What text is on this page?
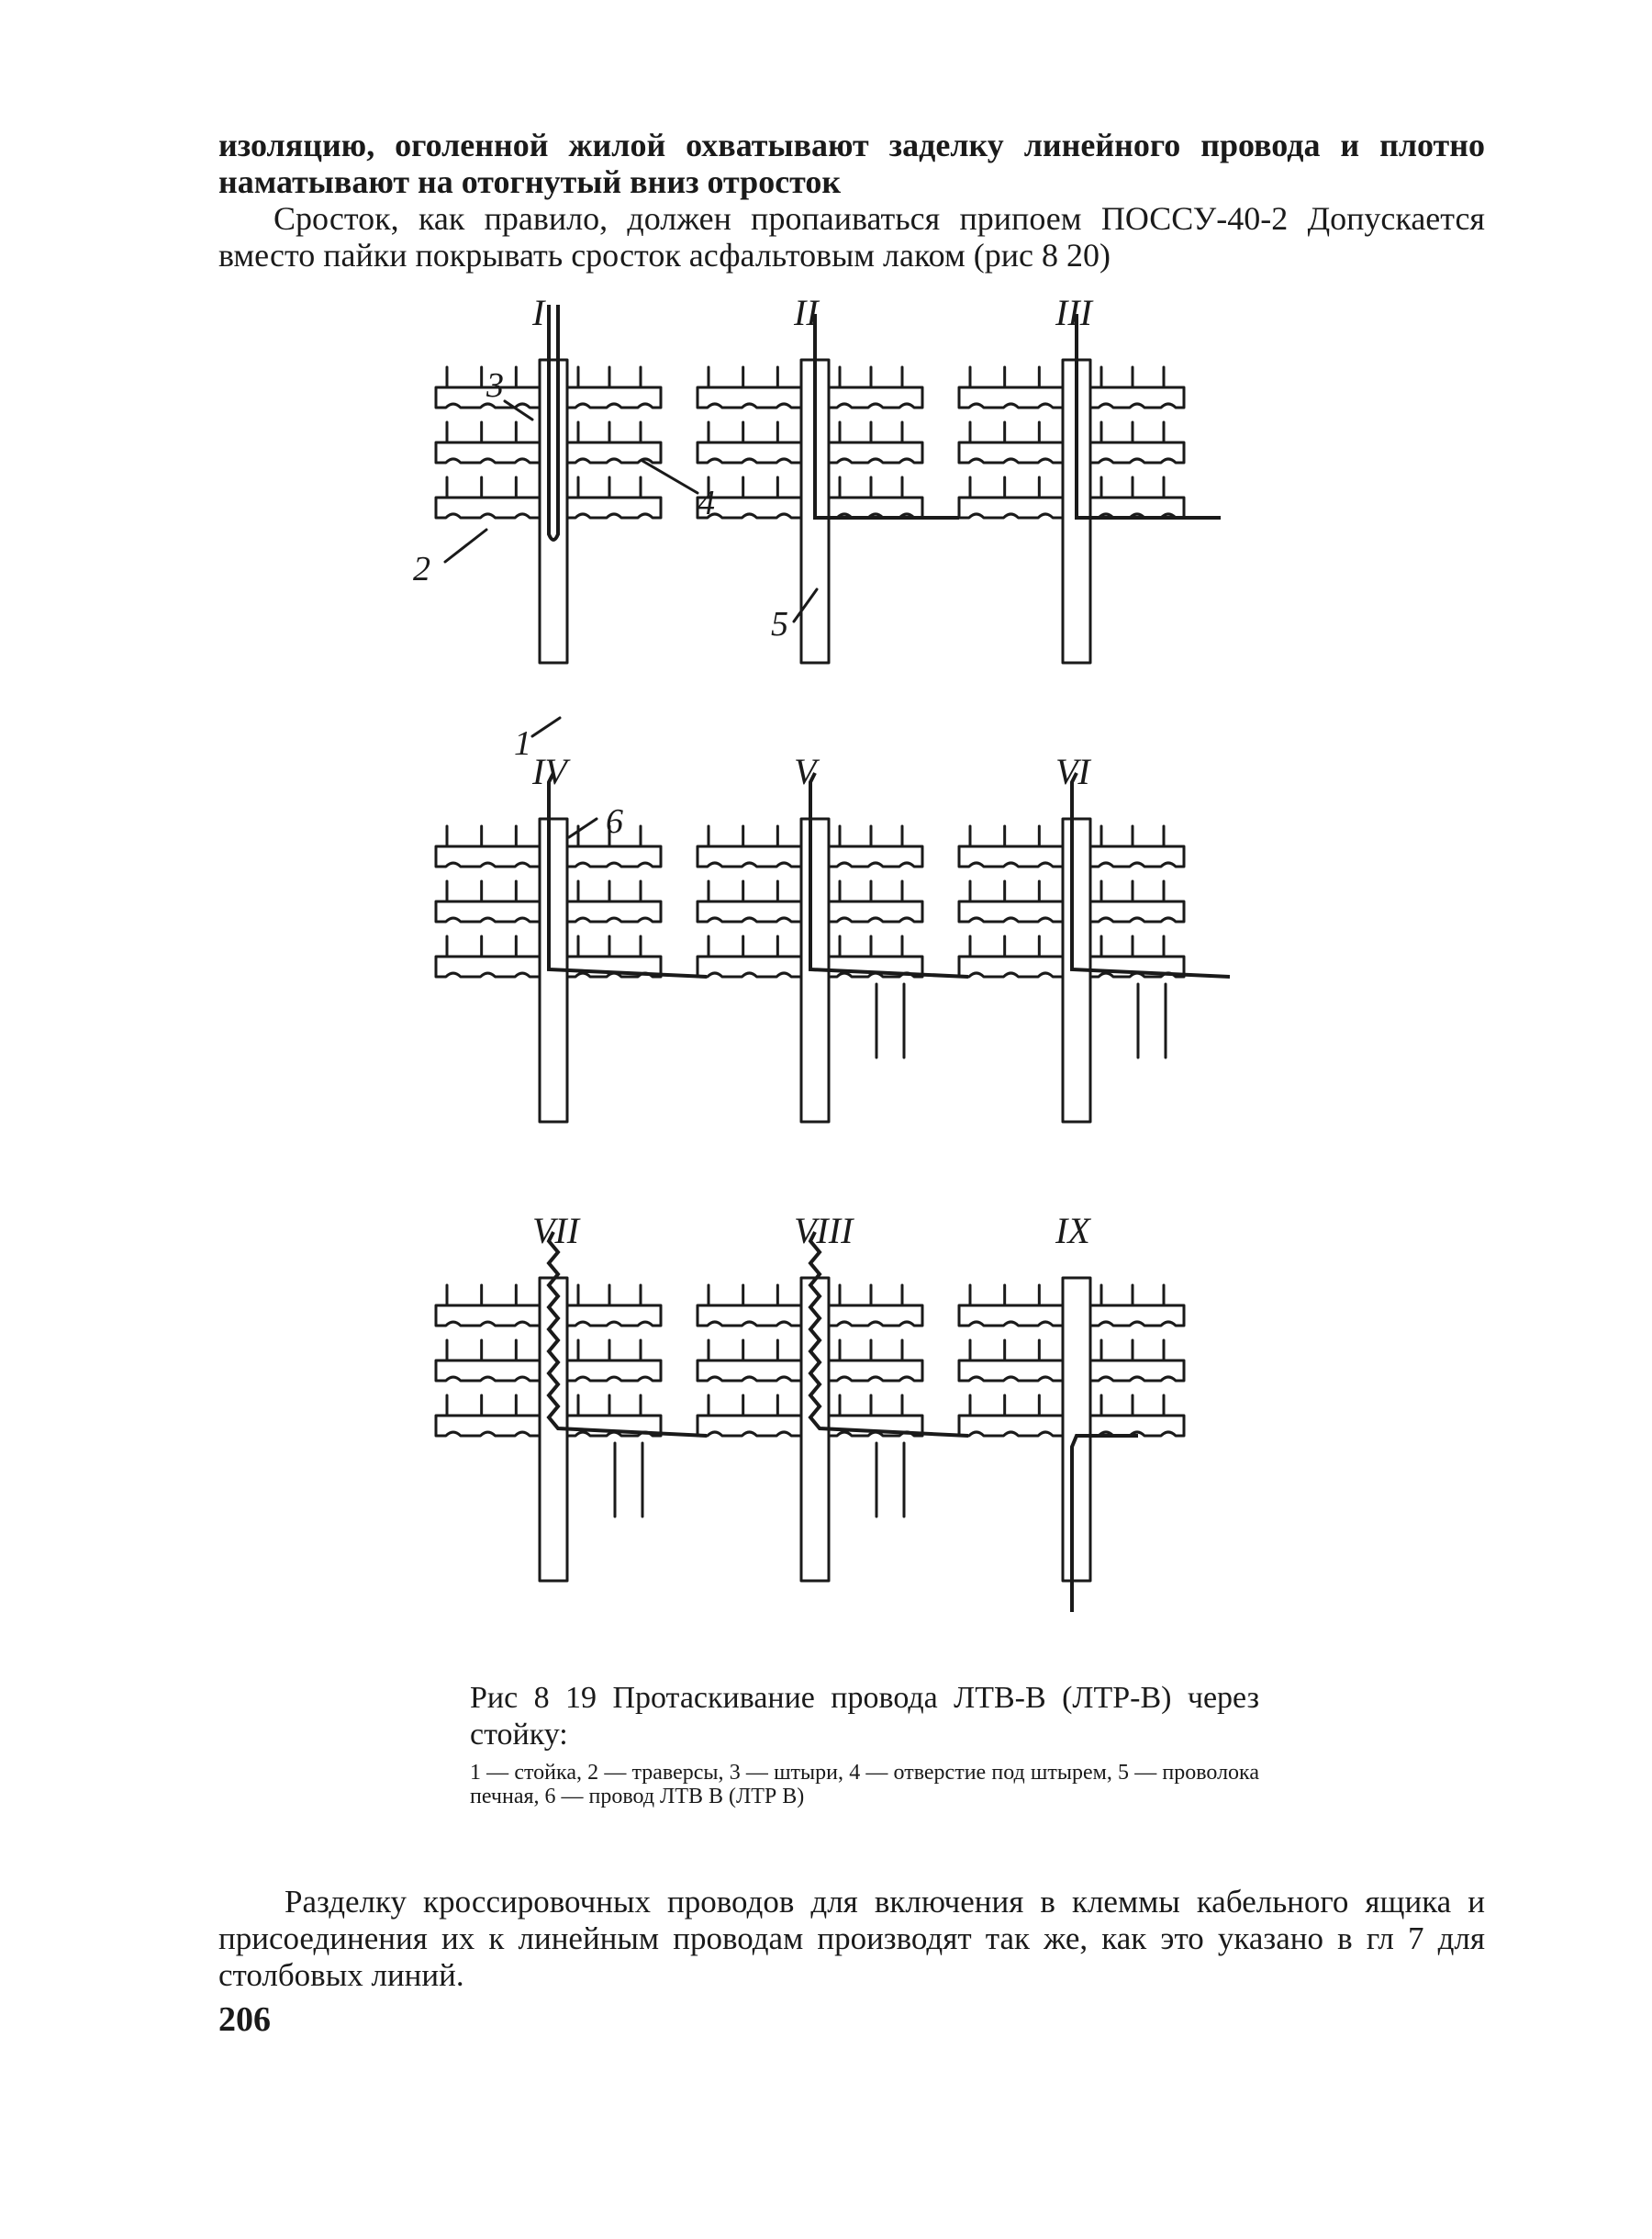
изоляцию, оголенной жилой охватывают заделку линейного провода и плотно наматывают на отогнутый вниз отросток

Сросток, как правило, должен пропаиваться припоем ПОССУ-40-2 Допускается вместо пайки покрывать сросток асфальтовым лаком (рис 8 20)

I	II	III
IV	V	VI
VII	VIII	IX
1
2
3
4
5
6

Рис 8 19 Протаскивание провода ЛТВ-В (ЛТР-В) через стойку:

1 — стойка, 2 — траверсы, 3 — штыри, 4 — отверстие под штырем, 5 — проволока печная, 6 — провод ЛТВ В (ЛТР В)

Разделку кроссировочных проводов для включения в клеммы кабельного ящика и присоединения их к линейным проводам производят так же, как это указано в гл 7 для столбовых линий.

206
